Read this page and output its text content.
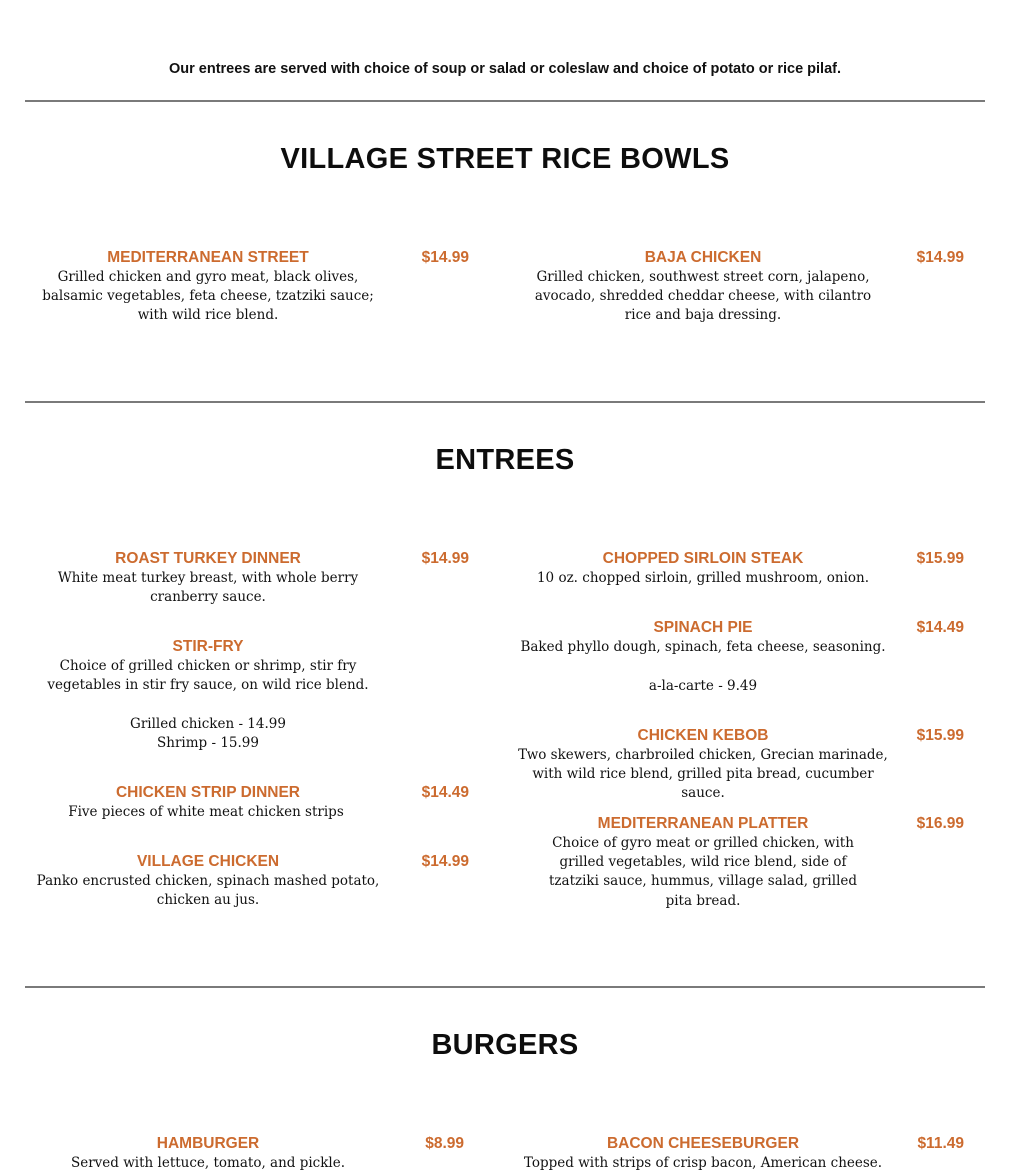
Our entrees are served with choice of soup or salad or coleslaw and choice of potato or rice pilaf.
VILLAGE STREET RICE BOWLS
MEDITERRANEAN STREET	$14.99
Grilled chicken and gyro meat, black olives, balsamic vegetables, feta cheese, tzatziki sauce; with wild rice blend.
BAJA CHICKEN	$14.99
Grilled chicken, southwest street corn, jalapeno, avocado, shredded cheddar cheese, with cilantro rice and baja dressing.
ENTREES
ROAST TURKEY DINNER	$14.99
White meat turkey breast, with whole berry cranberry sauce.
STIR-FRY
Choice of grilled chicken or shrimp, stir fry vegetables in stir fry sauce, on wild rice blend.
Grilled chicken - 14.99
Shrimp - 15.99
CHICKEN STRIP DINNER	$14.49
Five pieces of white meat chicken strips
VILLAGE CHICKEN	$14.99
Panko encrusted chicken, spinach mashed potato, chicken au jus.
CHOPPED SIRLOIN STEAK	$15.99
10 oz. chopped sirloin, grilled mushroom, onion.
SPINACH PIE	$14.49
Baked phyllo dough, spinach, feta cheese, seasoning.
a-la-carte - 9.49
CHICKEN KEBOB	$15.99
Two skewers, charbroiled chicken, Grecian marinade, with wild rice blend, grilled pita bread, cucumber sauce.
MEDITERRANEAN PLATTER	$16.99
Choice of gyro meat or grilled chicken, with grilled vegetables, wild rice blend, side of tzatziki sauce, hummus, village salad, grilled pita bread.
BURGERS
HAMBURGER	$8.99
Served with lettuce, tomato, and pickle.
BACON CHEESEBURGER	$11.49
Topped with strips of crisp bacon, American cheese.
